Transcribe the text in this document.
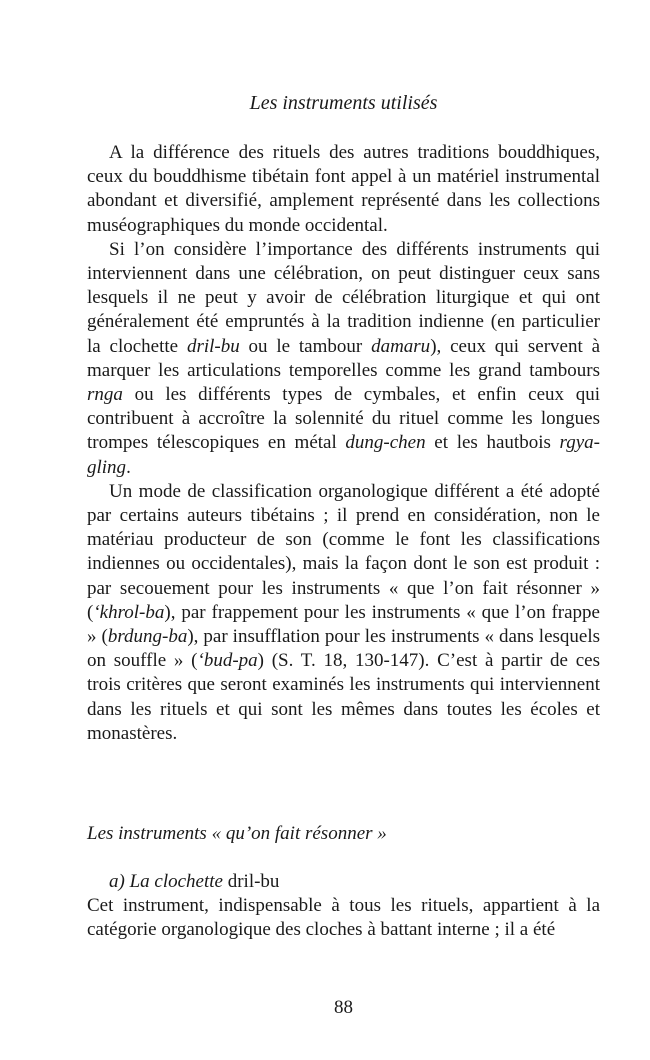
Les instruments utilisés

A la différence des rituels des autres traditions bouddhiques, ceux du bouddhisme tibétain font appel à un matériel instrumental abondant et diversifié, amplement représenté dans les collections muséographiques du monde occidental.

Si l’on considère l’importance des différents instruments qui interviennent dans une célébration, on peut distinguer ceux sans lesquels il ne peut y avoir de célébration liturgique et qui ont généralement été empruntés à la tradition indienne (en particulier la clochette dril-bu ou le tambour damaru), ceux qui servent à marquer les articulations temporelles comme les grand tambours rnga ou les différents types de cymbales, et enfin ceux qui contribuent à accroître la solennité du rituel comme les longues trompes télescopiques en métal dung-chen et les hautbois rgya-gling.

Un mode de classification organologique différent a été adopté par certains auteurs tibétains ; il prend en considération, non le matériau producteur de son (comme le font les classifications indiennes ou occidentales), mais la façon dont le son est produit : par secouement pour les instruments « que l’on fait résonner » (‘khrol-ba), par frappement pour les instruments « que l’on frappe » (brdung-ba), par insufflation pour les instruments « dans lesquels on souffle » (‘bud-pa) (S. T. 18, 130-147). C’est à partir de ces trois critères que seront examinés les instruments qui interviennent dans les rituels et qui sont les mêmes dans toutes les écoles et monastères.

Les instruments « qu’on fait résonner »
a) La clochette dril-bu

Cet instrument, indispensable à tous les rituels, appartient à la catégorie organologique des cloches à battant interne ; il a été

88
